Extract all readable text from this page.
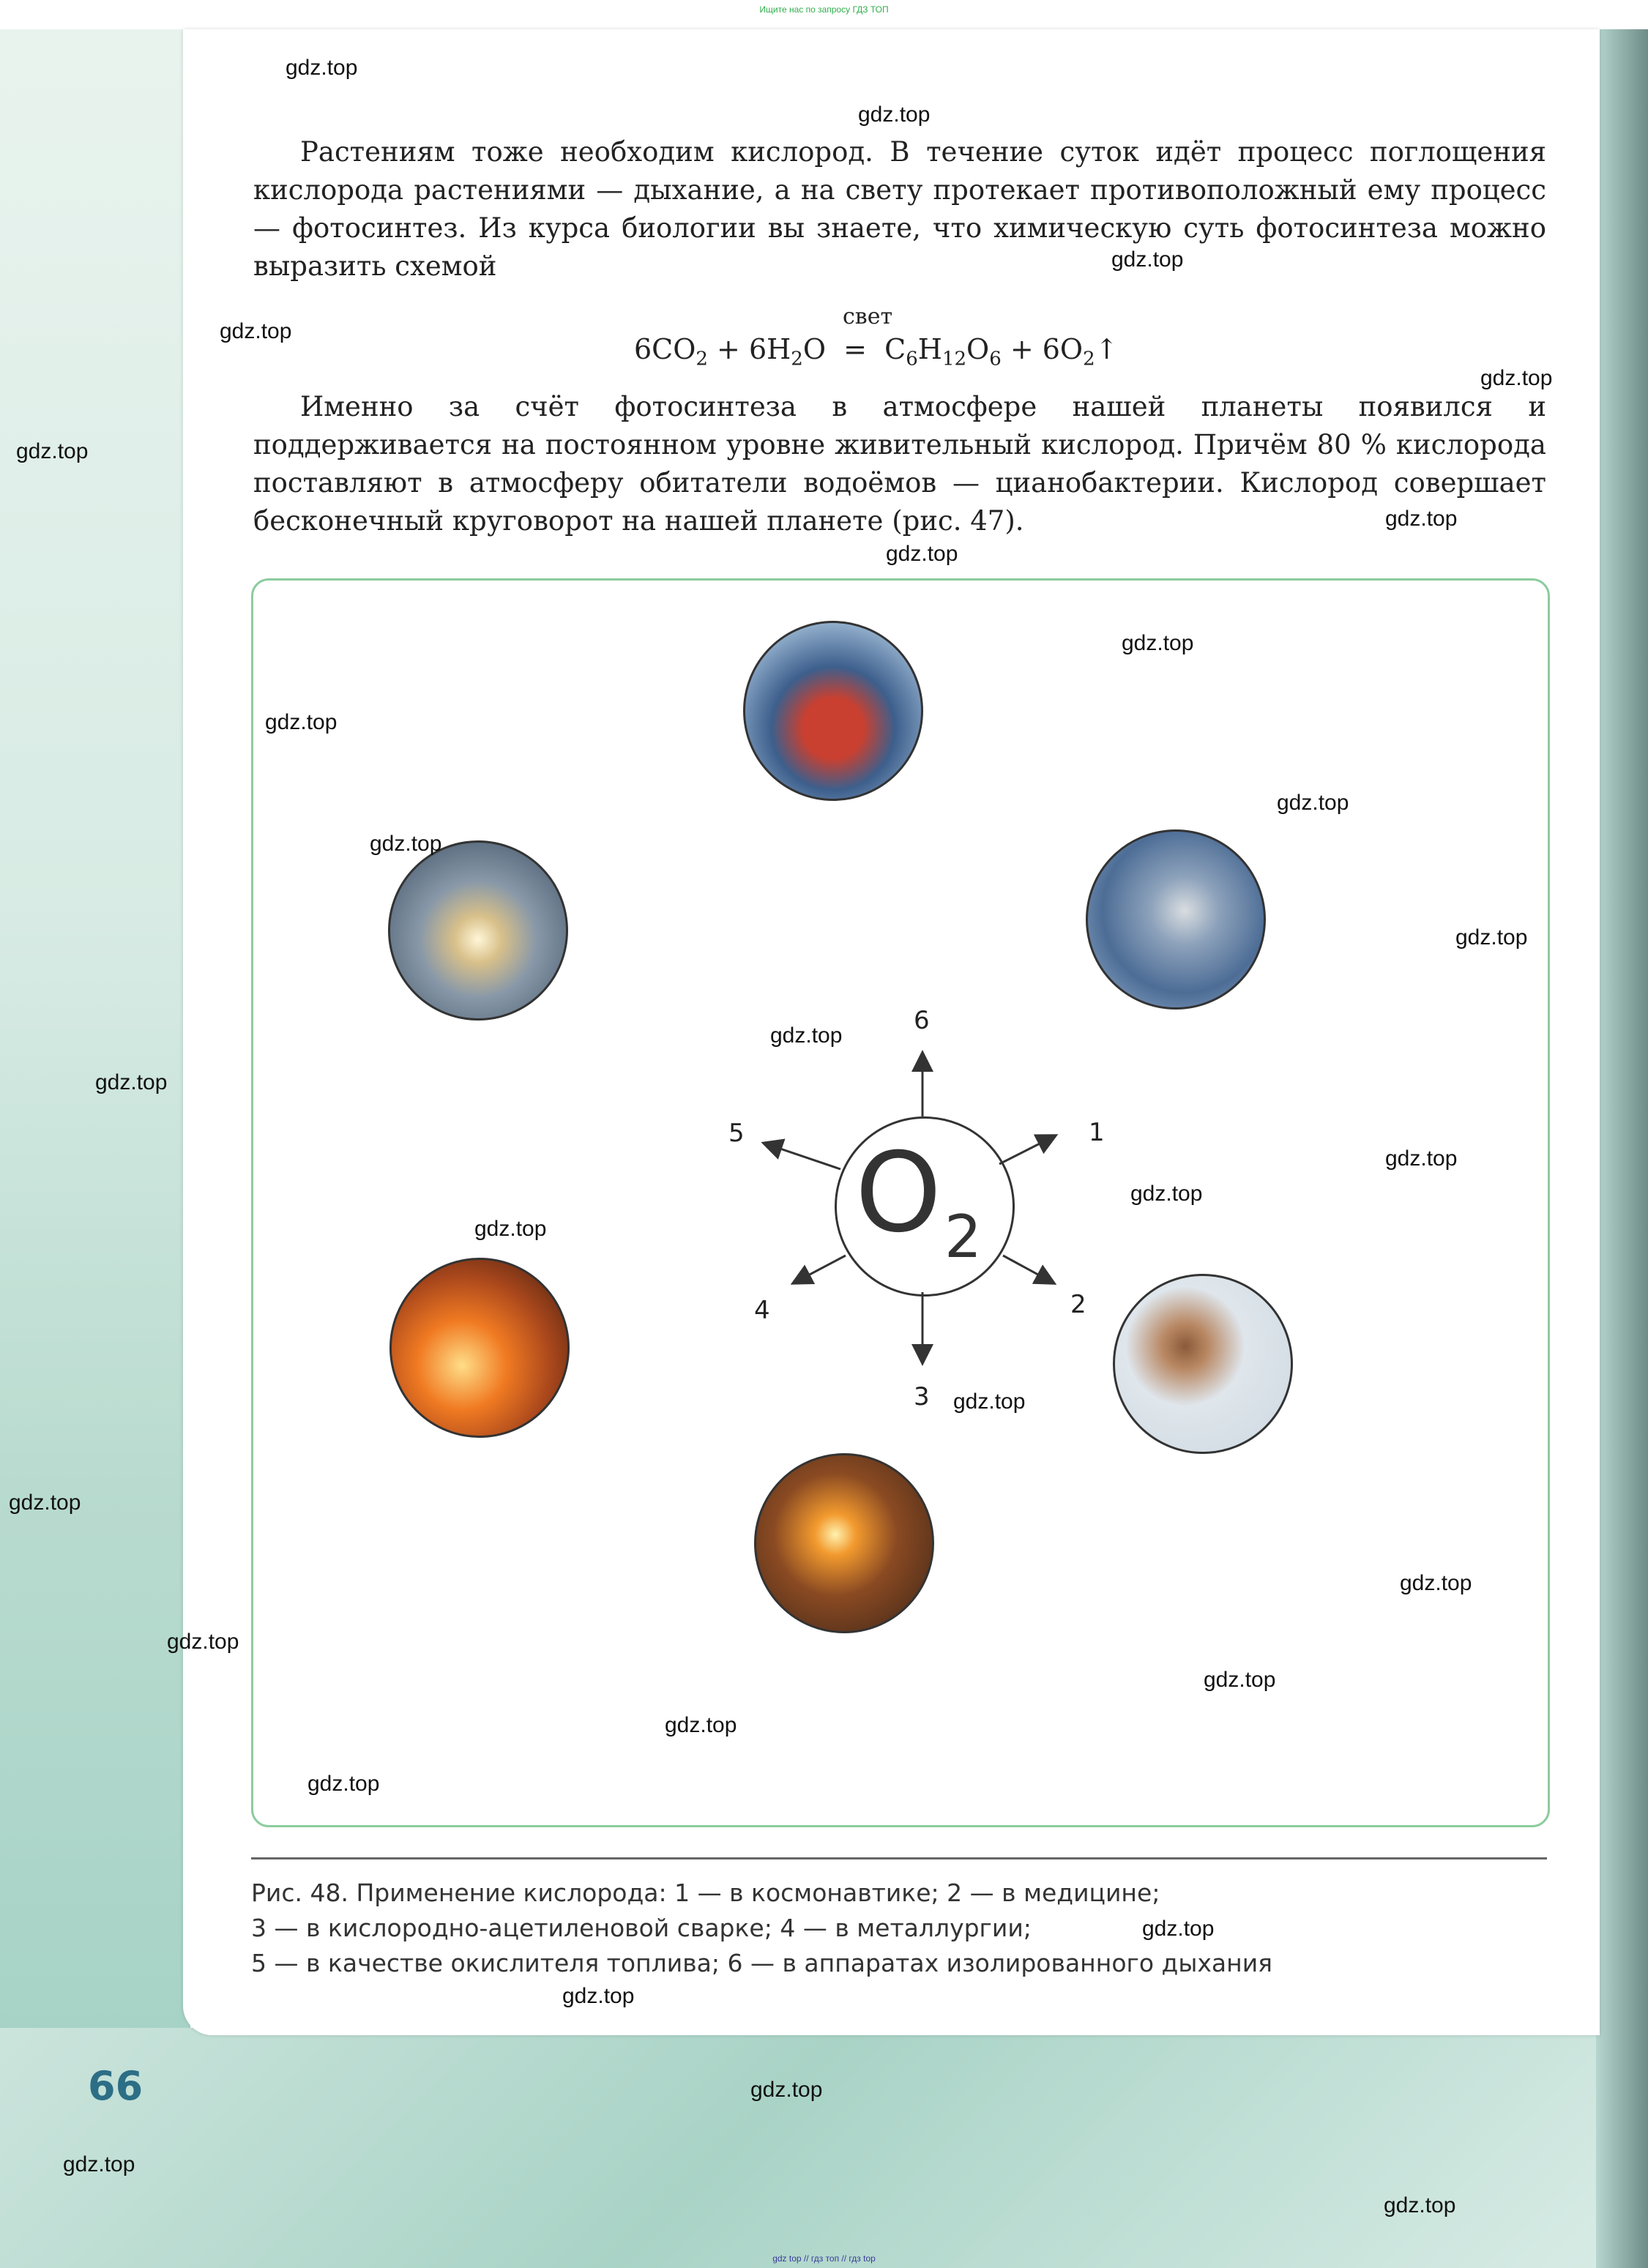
Ищите нас по запросу ГДЗ ТОП

Растениям тоже необходим кислород. В течение суток идёт процесс поглощения кислорода растениями — дыхание, а на свету протекает противоположный ему процесс — фотосинтез. Из курса биологии вы знаете, что химическую суть фотосинтеза можно выразить схемой

свет
$6CO_2 + 6H_2O = C_6H_{12}O_6$ + $6O_2↑$

Именно за счёт фотосинтеза в атмосфере нашей планеты появился и поддерживается на постоянном уровне живительный кислород. Причём 80 % кислорода поставляют в атмосферу обитатели водоёмов — цианобактерии. Кислород совершает бесконечный круговорот на нашей планете (рис. 47).

O 2
6
1
2
3
4
5
Рис. 48. Применение кислорода: 1 — в космонавтике; 2 — в медицине;
3 — в кислородно-ацетиленовой сварке; 4 — в металлургии;
5 — в качестве окислителя топлива; 6 — в аппаратах изолированного дыхания
66
gdz.top
gdz.top
gdz.top
gdz.top
gdz.top
gdz.top
gdz.top
gdz.top
gdz.top
gdz.top
gdz.top
gdz.top
gdz.top
gdz.top
gdz.top
gdz.top
gdz.top
gdz.top
gdz.top
gdz.top
gdz.top
gdz.top
gdz.top
gdz.top
gdz.top
gdz.top
gdz.top
gdz.top
gdz.top
gdz.top
gdz top // гдз топ // гдз top
